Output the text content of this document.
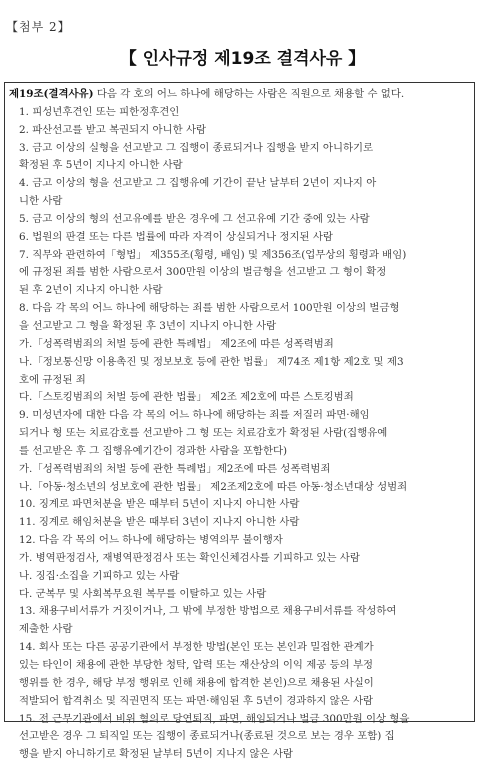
【첨부 2】
【 인사규정 제19조 결격사유 】
제19조(결격사유) 다음 각 호의 어느 하나에 해당하는 사람은 직원으로 채용할 수 없다.
1. 피성년후견인 또는 피한정후견인
2. 파산선고를 받고 복권되지 아니한 사람
3. 금고 이상의 실형을 선고받고 그 집행이 종료되거나 집행을 받지 아니하기로
확정된 후 5년이 지나지 아니한 사람
4. 금고 이상의 형을 선고받고 그 집행유예 기간이 끝난 날부터 2년이 지나지 아
니한 사람
5. 금고 이상의 형의 선고유예를 받은 경우에 그 선고유예 기간 중에 있는 사람
6. 법원의 판결 또는 다른 법률에 따라 자격이 상실되거나 정지된 사람
7. 직무와 관련하여「형법」 제355조(횡령, 배임) 및 제356조(업무상의 횡령과 배임)
에 규정된 죄를 범한 사람으로서 300만원 이상의 벌금형을 선고받고 그 형이 확정
된 후 2년이 지나지 아니한 사람
8. 다음 각 목의 어느 하나에 해당하는 죄를 범한 사람으로서 100만원 이상의 벌금형
을 선고받고 그 형을 확정된 후 3년이 지나지 아니한 사람
가.「성폭력범죄의 처벌 등에 관한 특례법」 제2조에 따른 성폭력범죄
나.「정보통신망 이용촉진 및 정보보호 등에 관한 법률」 제74조 제1항 제2호 및 제3
호에 규정된 죄
다.「스토킹범죄의 처벌 등에 관한 법률」 제2조 제2호에 따른 스토킹범죄
9. 미성년자에 대한 다음 각 목의 어느 하나에 해당하는 죄를 저질러 파면·해임
되거나 형 또는 치료감호를 선고받아 그 형 또는 치료감호가 확정된 사람(집행유예
를 선고받은 후 그 집행유예기간이 경과한 사람을 포함한다)
가.「성폭력범죄의 처벌 등에 관한 특례법」제2조에 따른 성폭력범죄
나.「아동·청소년의 성보호에 관한 법률」 제2조제2호에 따른 아동·청소년대상 성범죄
10. 징계로 파면처분을 받은 때부터 5년이 지나지 아니한 사람
11. 징계로 해임처분을 받은 때부터 3년이 지나지 아니한 사람
12. 다음 각 목의 어느 하나에 해당하는 병역의무 불이행자
가. 병역판정검사, 재병역판정검사 또는 확인신체검사를 기피하고 있는 사람
나. 징집·소집을 기피하고 있는 사람
다. 군복무 및 사회복무요원 복무를 이탈하고 있는 사람
13. 채용구비서류가 거짓이거나, 그 밖에 부정한 방법으로 채용구비서류를 작성하여
제출한 사람
14. 회사 또는 다른 공공기관에서 부정한 방법(본인 또는 본인과 밀접한 관계가
있는 타인이 채용에 관한 부당한 청탁, 압력 또는 재산상의 이익 제공 등의 부정
행위를 한 경우, 해당 부정 행위로 인해 채용에 합격한 본인)으로 채용된 사실이
적발되어 합격취소 및 직권면직 또는 파면·해임된 후 5년이 경과하지 않은 사람
15. 전 근무기관에서 비위 혐의로 당연퇴직, 파면, 해임되거나 벌금 300만원 이상 형을
선고받은 경우 그 퇴직일 또는 집행이 종료되거나(종료된 것으로 보는 경우 포함) 집
행을 받지 아니하기로 확정된 날부터 5년이 지나지 않은 사람
